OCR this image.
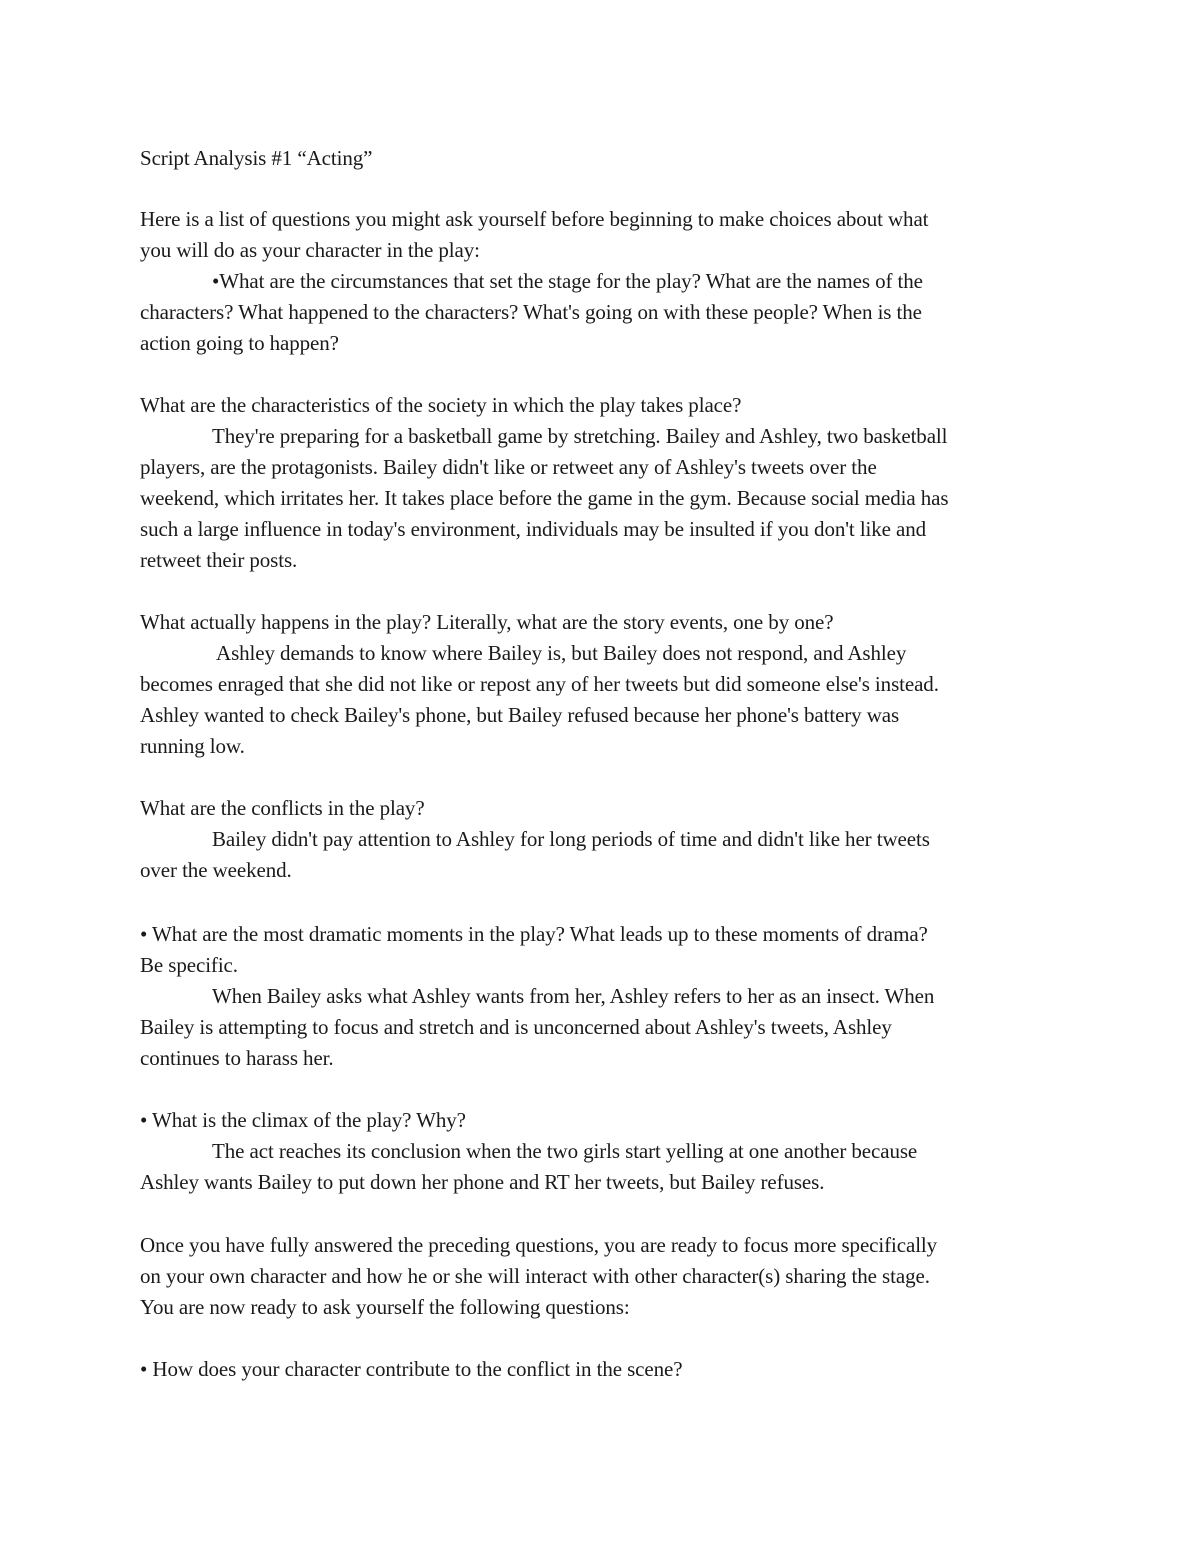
Script Analysis #1 “Acting”
Here is a list of questions you might ask yourself before beginning to make choices about what
you will do as your character in the play:
•What are the circumstances that set the stage for the play? What are the names of the
characters? What happened to the characters? What's going on with these people? When is the
action going to happen?
What are the characteristics of the society in which the play takes place?
They're preparing for a basketball game by stretching. Bailey and Ashley, two basketball
players, are the protagonists. Bailey didn't like or retweet any of Ashley's tweets over the
weekend, which irritates her. It takes place before the game in the gym. Because social media has
such a large influence in today's environment, individuals may be insulted if you don't like and
retweet their posts.
What actually happens in the play? Literally, what are the story events, one by one?
Ashley demands to know where Bailey is, but Bailey does not respond, and Ashley
becomes enraged that she did not like or repost any of her tweets but did someone else's instead.
Ashley wanted to check Bailey's phone, but Bailey refused because her phone's battery was
running low.
What are the conflicts in the play?
Bailey didn't pay attention to Ashley for long periods of time and didn't like her tweets
over the weekend.
• What are the most dramatic moments in the play? What leads up to these moments of drama?
Be specific.
When Bailey asks what Ashley wants from her, Ashley refers to her as an insect. When
Bailey is attempting to focus and stretch and is unconcerned about Ashley's tweets, Ashley
continues to harass her.
• What is the climax of the play? Why?
The act reaches its conclusion when the two girls start yelling at one another because
Ashley wants Bailey to put down her phone and RT her tweets, but Bailey refuses.
Once you have fully answered the preceding questions, you are ready to focus more specifically
on your own character and how he or she will interact with other character(s) sharing the stage.
You are now ready to ask yourself the following questions:
• How does your character contribute to the conflict in the scene?
